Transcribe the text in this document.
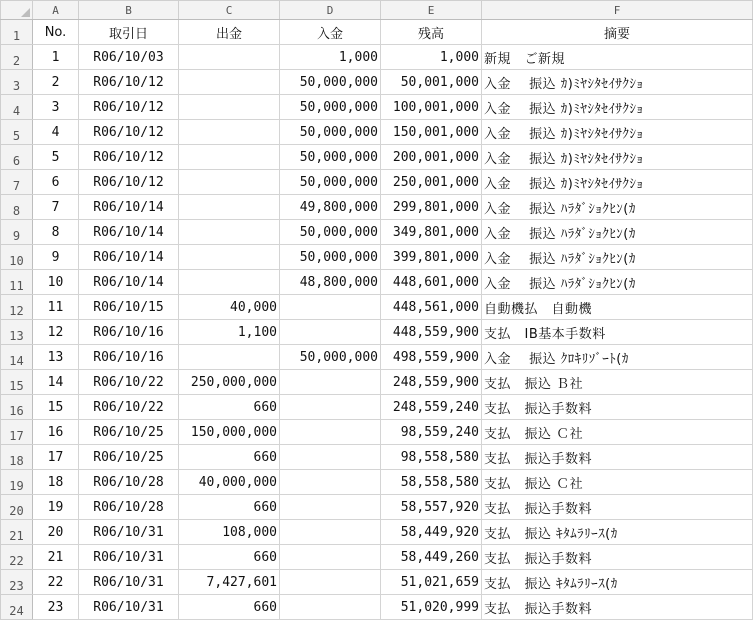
	A	B	C	D	E	F
1	No.	取引日	出金	入金	残高	摘要
2	1	R06/10/03		1,000	1,000	新規　ご新規
3	2	R06/10/12		50,000,000	50,001,000	入金　 振込 ｶ)ﾐﾔｼﾀｾｲｻｸｼｮ
4	3	R06/10/12		50,000,000	100,001,000	入金　 振込 ｶ)ﾐﾔｼﾀｾｲｻｸｼｮ
5	4	R06/10/12		50,000,000	150,001,000	入金　 振込 ｶ)ﾐﾔｼﾀｾｲｻｸｼｮ
6	5	R06/10/12		50,000,000	200,001,000	入金　 振込 ｶ)ﾐﾔｼﾀｾｲｻｸｼｮ
7	6	R06/10/12		50,000,000	250,001,000	入金　 振込 ｶ)ﾐﾔｼﾀｾｲｻｸｼｮ
8	7	R06/10/14		49,800,000	299,801,000	入金　 振込 ﾊﾗﾀﾞｼｮｸﾋﾝ(ｶ
9	8	R06/10/14		50,000,000	349,801,000	入金　 振込 ﾊﾗﾀﾞｼｮｸﾋﾝ(ｶ
10	9	R06/10/14		50,000,000	399,801,000	入金　 振込 ﾊﾗﾀﾞｼｮｸﾋﾝ(ｶ
11	10	R06/10/14		48,800,000	448,601,000	入金　 振込 ﾊﾗﾀﾞｼｮｸﾋﾝ(ｶ
12	11	R06/10/15	40,000		448,561,000	自動機払　自動機
13	12	R06/10/16	1,100		448,559,900	支払　IB基本手数料
14	13	R06/10/16		50,000,000	498,559,900	入金　 振込 ｸﾛｷﾘｿﾞｰﾄ(ｶ
15	14	R06/10/22	250,000,000		248,559,900	支払　振込 Ｂ社
16	15	R06/10/22	660		248,559,240	支払　振込手数料
17	16	R06/10/25	150,000,000		98,559,240	支払　振込 Ｃ社
18	17	R06/10/25	660		98,558,580	支払　振込手数料
19	18	R06/10/28	40,000,000		58,558,580	支払　振込 Ｃ社
20	19	R06/10/28	660		58,557,920	支払　振込手数料
21	20	R06/10/31	108,000		58,449,920	支払　振込 ｷﾀﾑﾗﾘｰｽ(ｶ
22	21	R06/10/31	660		58,449,260	支払　振込手数料
23	22	R06/10/31	7,427,601		51,021,659	支払　振込 ｷﾀﾑﾗﾘｰｽ(ｶ
24	23	R06/10/31	660		51,020,999	支払　振込手数料
